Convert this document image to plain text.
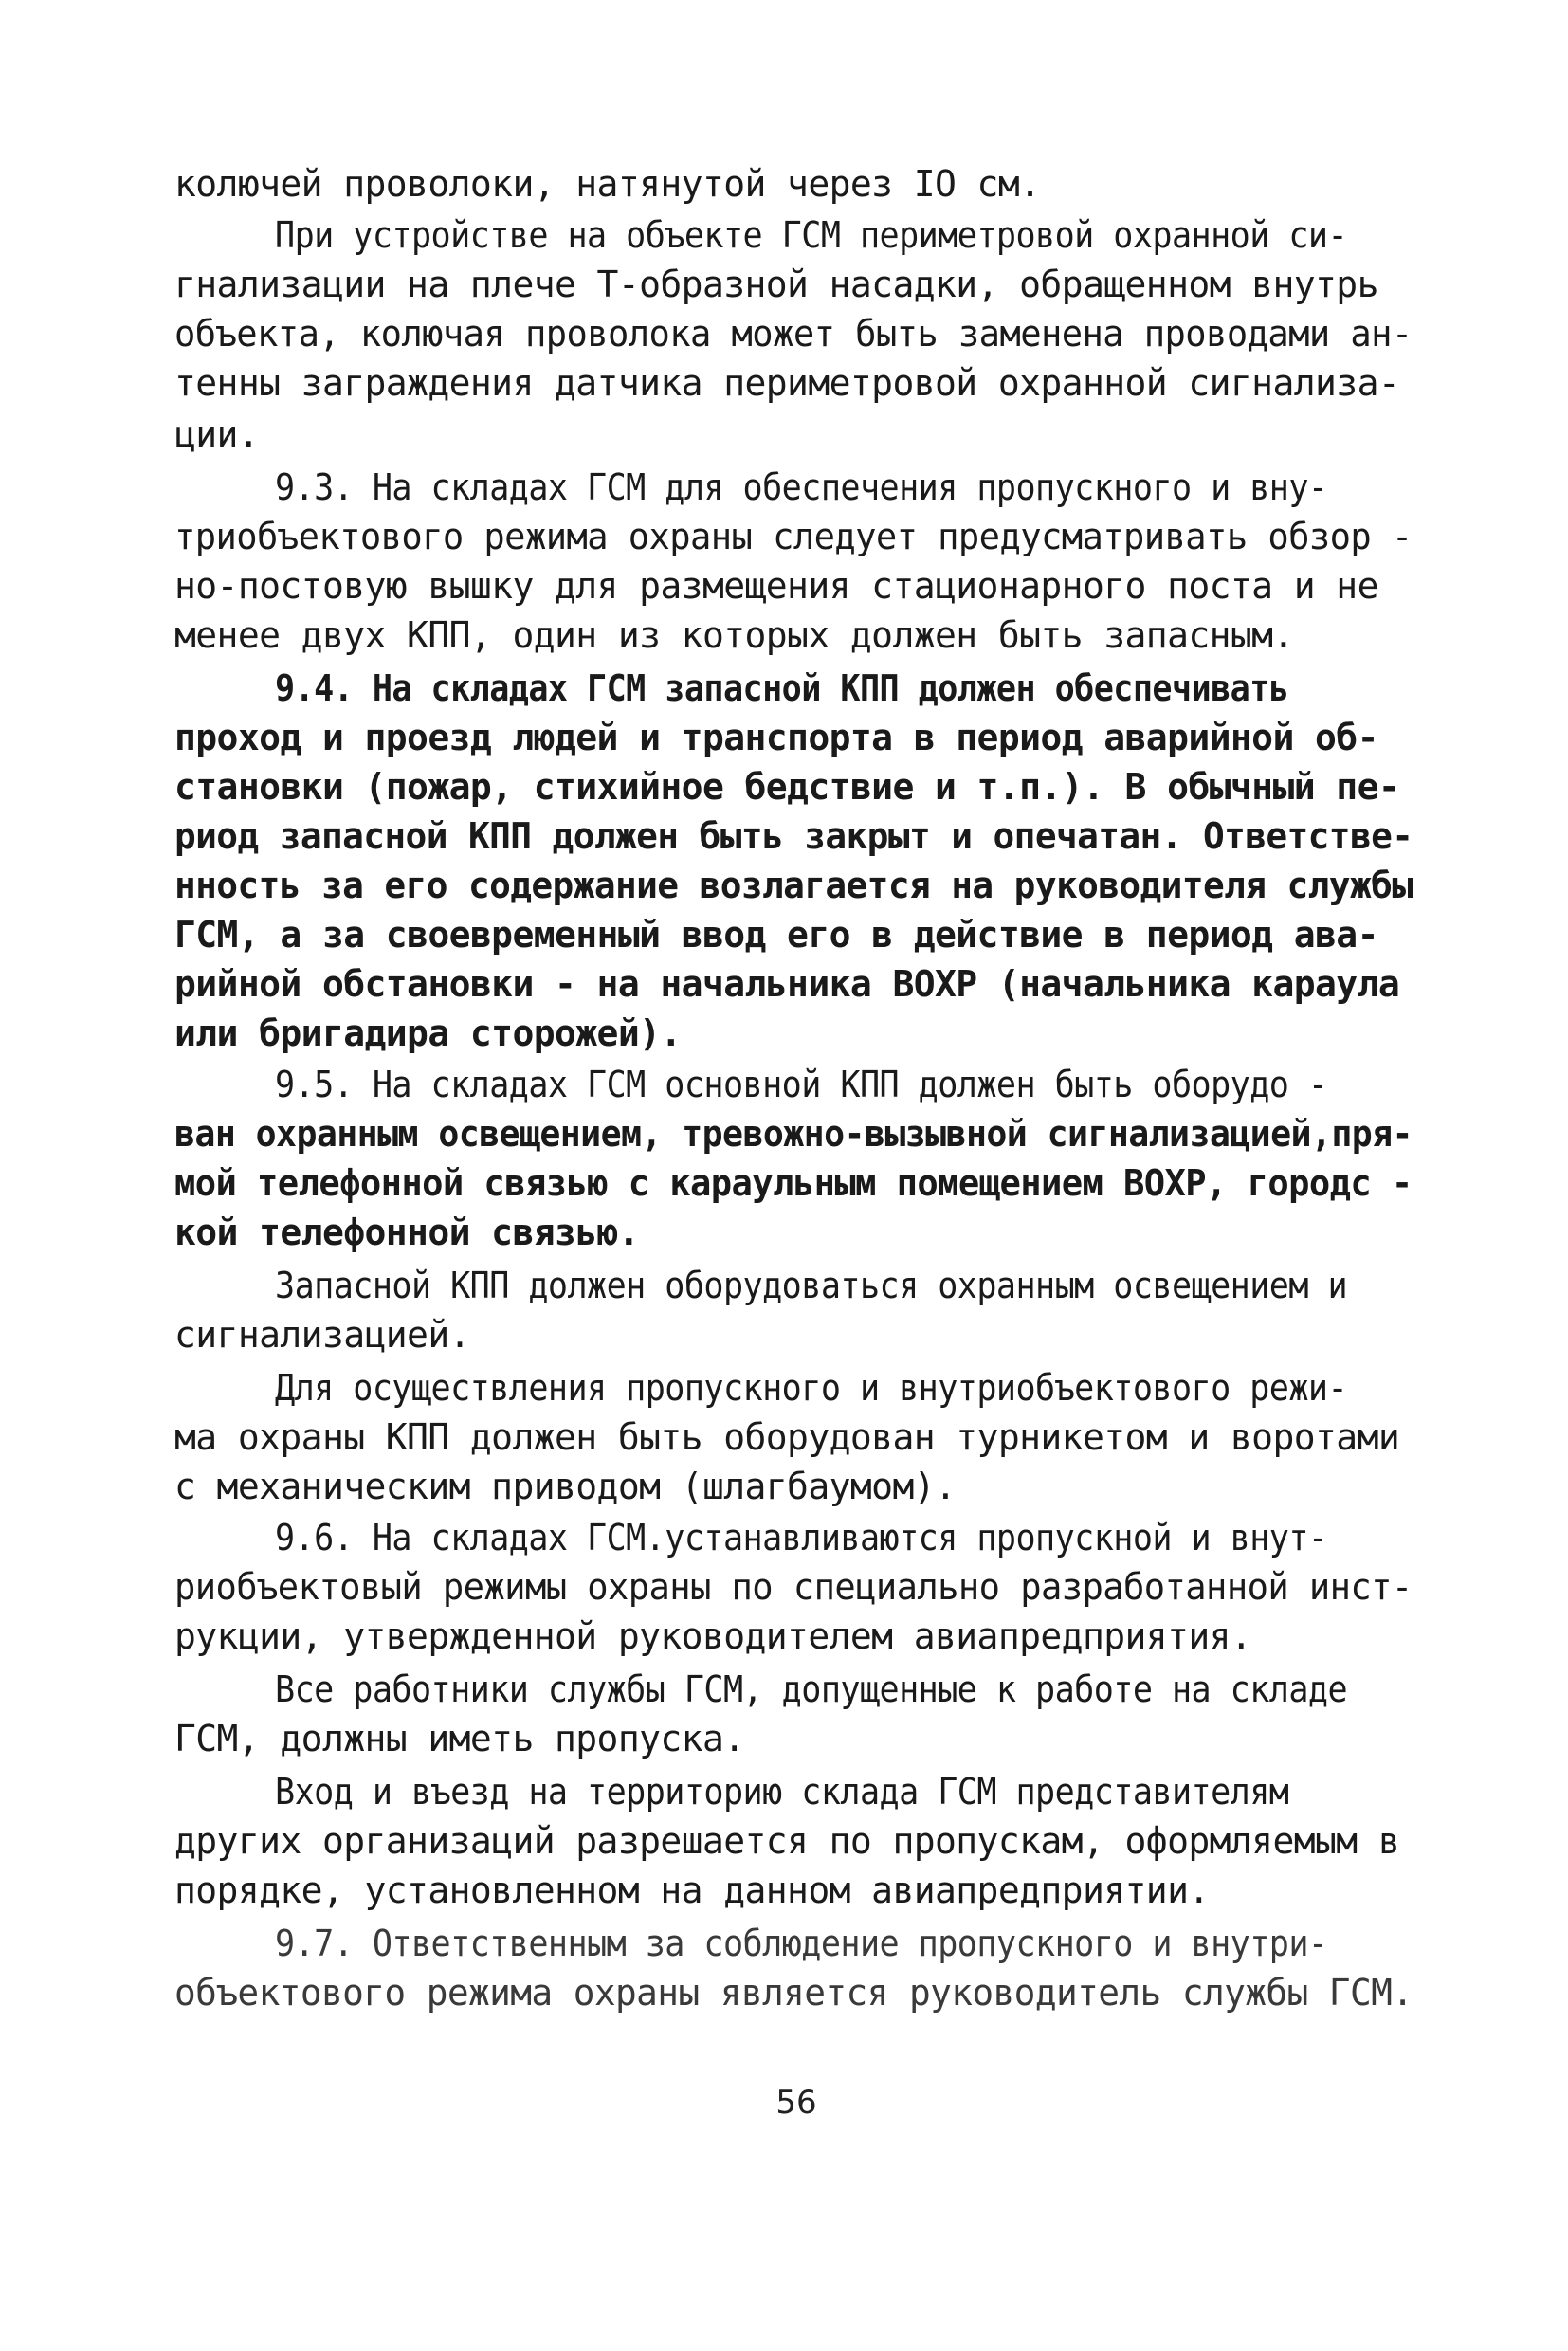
колючей проволоки, натянутой через IO см.
При устройстве на объекте ГСМ периметровой охранной си-
гнализации на плече Т-образной насадки, обращенном внутрь
объекта, колючая проволока может быть заменена проводами ан-
тенны заграждения датчика периметровой охранной сигнализа-
ции.
9.3. На складах ГСМ для обеспечения пропускного и вну-
триобъектового режима охраны следует предусматривать обзор -
но-постовую вышку для размещения стационарного поста и не
менее двух КПП, один из которых должен быть запасным.
9.4. На складах ГСМ запасной КПП должен обеспечивать
проход и проезд людей и транспорта в период аварийной об-
становки (пожар, стихийное бедствие и т.п.). В обычный пе-
риод запасной КПП должен быть закрыт и опечатан. Ответстве-
нность за его содержание возлагается на руководителя службы
ГСМ, а за своевременный ввод его в действие в период ава-
рийной обстановки - на начальника ВОХР (начальника караула
или бригадира сторожей).
9.5. На складах ГСМ основной КПП должен быть оборудо -
ван охранным освещением, тревожно-вызывной сигнализацией,пря-
мой телефонной связью с караульным помещением ВОХР, городс -
кой телефонной связью.
Запасной КПП должен оборудоваться охранным освещением и
сигнализацией.
Для осуществления пропускного и внутриобъектового режи-
ма охраны КПП должен быть оборудован турникетом и воротами
с механическим приводом (шлагбаумом).
9.6. На складах ГСМ.устанавливаются пропускной и внут-
риобъектовый режимы охраны по специально разработанной инст-
рукции, утвержденной руководителем авиапредприятия.
Все работники службы ГСМ, допущенные к работе на складе
ГСМ, должны иметь пропуска.
Вход и въезд на территорию склада ГСМ представителям
других организаций разрешается по пропускам, оформляемым в
порядке, установленном на данном авиапредприятии.
9.7. Ответственным за соблюдение пропускного и внутри-
объектового режима охраны является руководитель службы ГСМ.
56
